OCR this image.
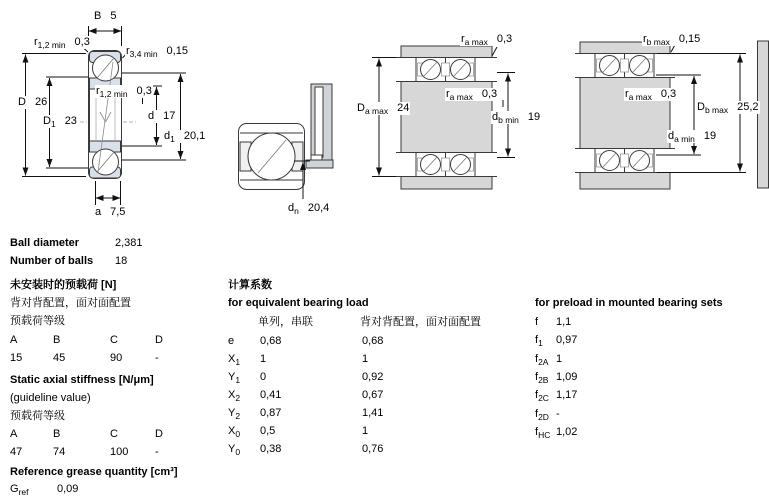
B 5
$r_{1,2 min}$ 0,3
$r_{3,4 min}$ 0,15
D 26
$D_1$ 23
$r_{1,2 min}$ 0,3
d 17
$d_1$ 20,1
a 7,5	$d_n$ 20,4
$r_{a max}$ 0,3
$D_{a max}$ 24
$r_{a max}$ 0,3
$d_{b min}$ 19
$r_{b max}$ 0,15
$r_{a max}$ 0,3
$D_{b max}$ 25,2
$d_{a min}$ 19
Ball diameter	2,381
Number of balls 18
未安装时的预载荷 [N]
背对背配置，面对面配置
预载荷等级
A	B	C	D
15	45	90	-
Static axial stiffness [N/μm]
(guideline value)
预载荷等级
A	B	C	D
47	74	100 -
Reference grease quantity [cm³]
$G_{ref}$	0,09
计算系数
for equivalent bearing load
单列，串联	背对背配置，面对面配置
e 0,68	0,68
$X_1$ 1	1
$Y_1$ 0	0,92
$X_2$ 0,41	0,67
$Y_2$ 0,87	1,41
$X_0$ 0,5	1
$Y_0$ 0,38	0,76
for preload in mounted bearing sets
f 1,1
$f_1$ 0,97
$f_{2A}$ 1
$f_{2B}$ 1,09
$f_{2C}$ 1,17
$f_{2D}$ -
$f_{HC}$ 1,02
